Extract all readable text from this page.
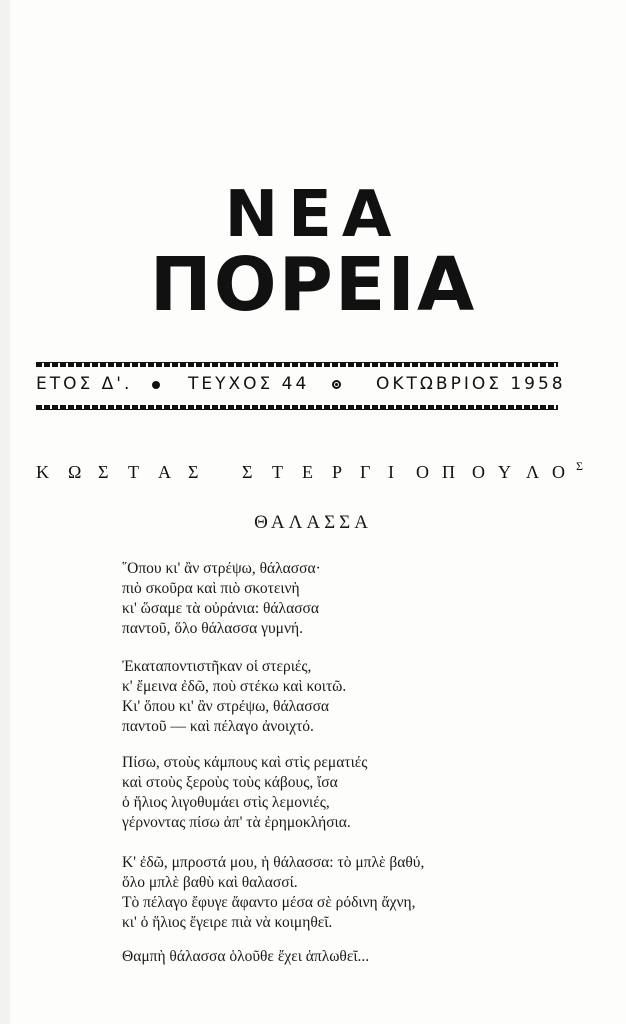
ΝΕΑ
ΠΟΡΕΙΑ
ΕΤΟΣ Δ'.	ΤΕΥΧΟΣ 44	ΟΚΤΩΒΡΙΟΣ 1958
Κ Ω Σ Τ Α Σ Σ Τ Ε Ρ Γ Ι Ο Π Ο Υ Λ Ο Σ
ΘΑΛΑΣΣΑ
῞Οπου κι' ἂν στρέψω, θάλασσα·
πιὸ σκοῦρα καὶ πιὸ σκοτεινὴ
κι' ὥσαμε τὰ οὐράνια: θάλασσα
παντοῦ, ὅλο θάλασσα γυμνή.
Ἐκαταποντιστῆκαν οἱ στεριές,
κ' ἔμεινα ἐδῶ, ποὺ στέκω καὶ κοιτῶ.
Κι' ὅπου κι' ἂν στρέψω, θάλασσα
παντοῦ — καὶ πέλαγο ἀνοιχτό.
Πίσω, στοὺς κάμπους καὶ στὶς ρεματιές
καὶ στοὺς ξεροὺς τοὺς κάβους, ἴσα
ὁ ἥλιος λιγοθυμάει στὶς λεμονιές,
γέρνοντας πίσω ἀπ' τὰ ἐρημοκλήσια.
Κ' ἐδῶ, μπροστά μου, ἡ θάλασσα: τὸ μπλὲ βαθύ,
ὅλο μπλὲ βαθὺ καὶ θαλασσί.
Τὸ πέλαγο ἔφυγε ἄφαντο μέσα σὲ ρόδινη ἄχνη,
κι' ὁ ἥλιος ἔγειρε πιὰ νὰ κοιμηθεῖ.
Θαμπὴ θάλασσα ὁλοῦθε ἔχει ἁπλωθεῖ...
